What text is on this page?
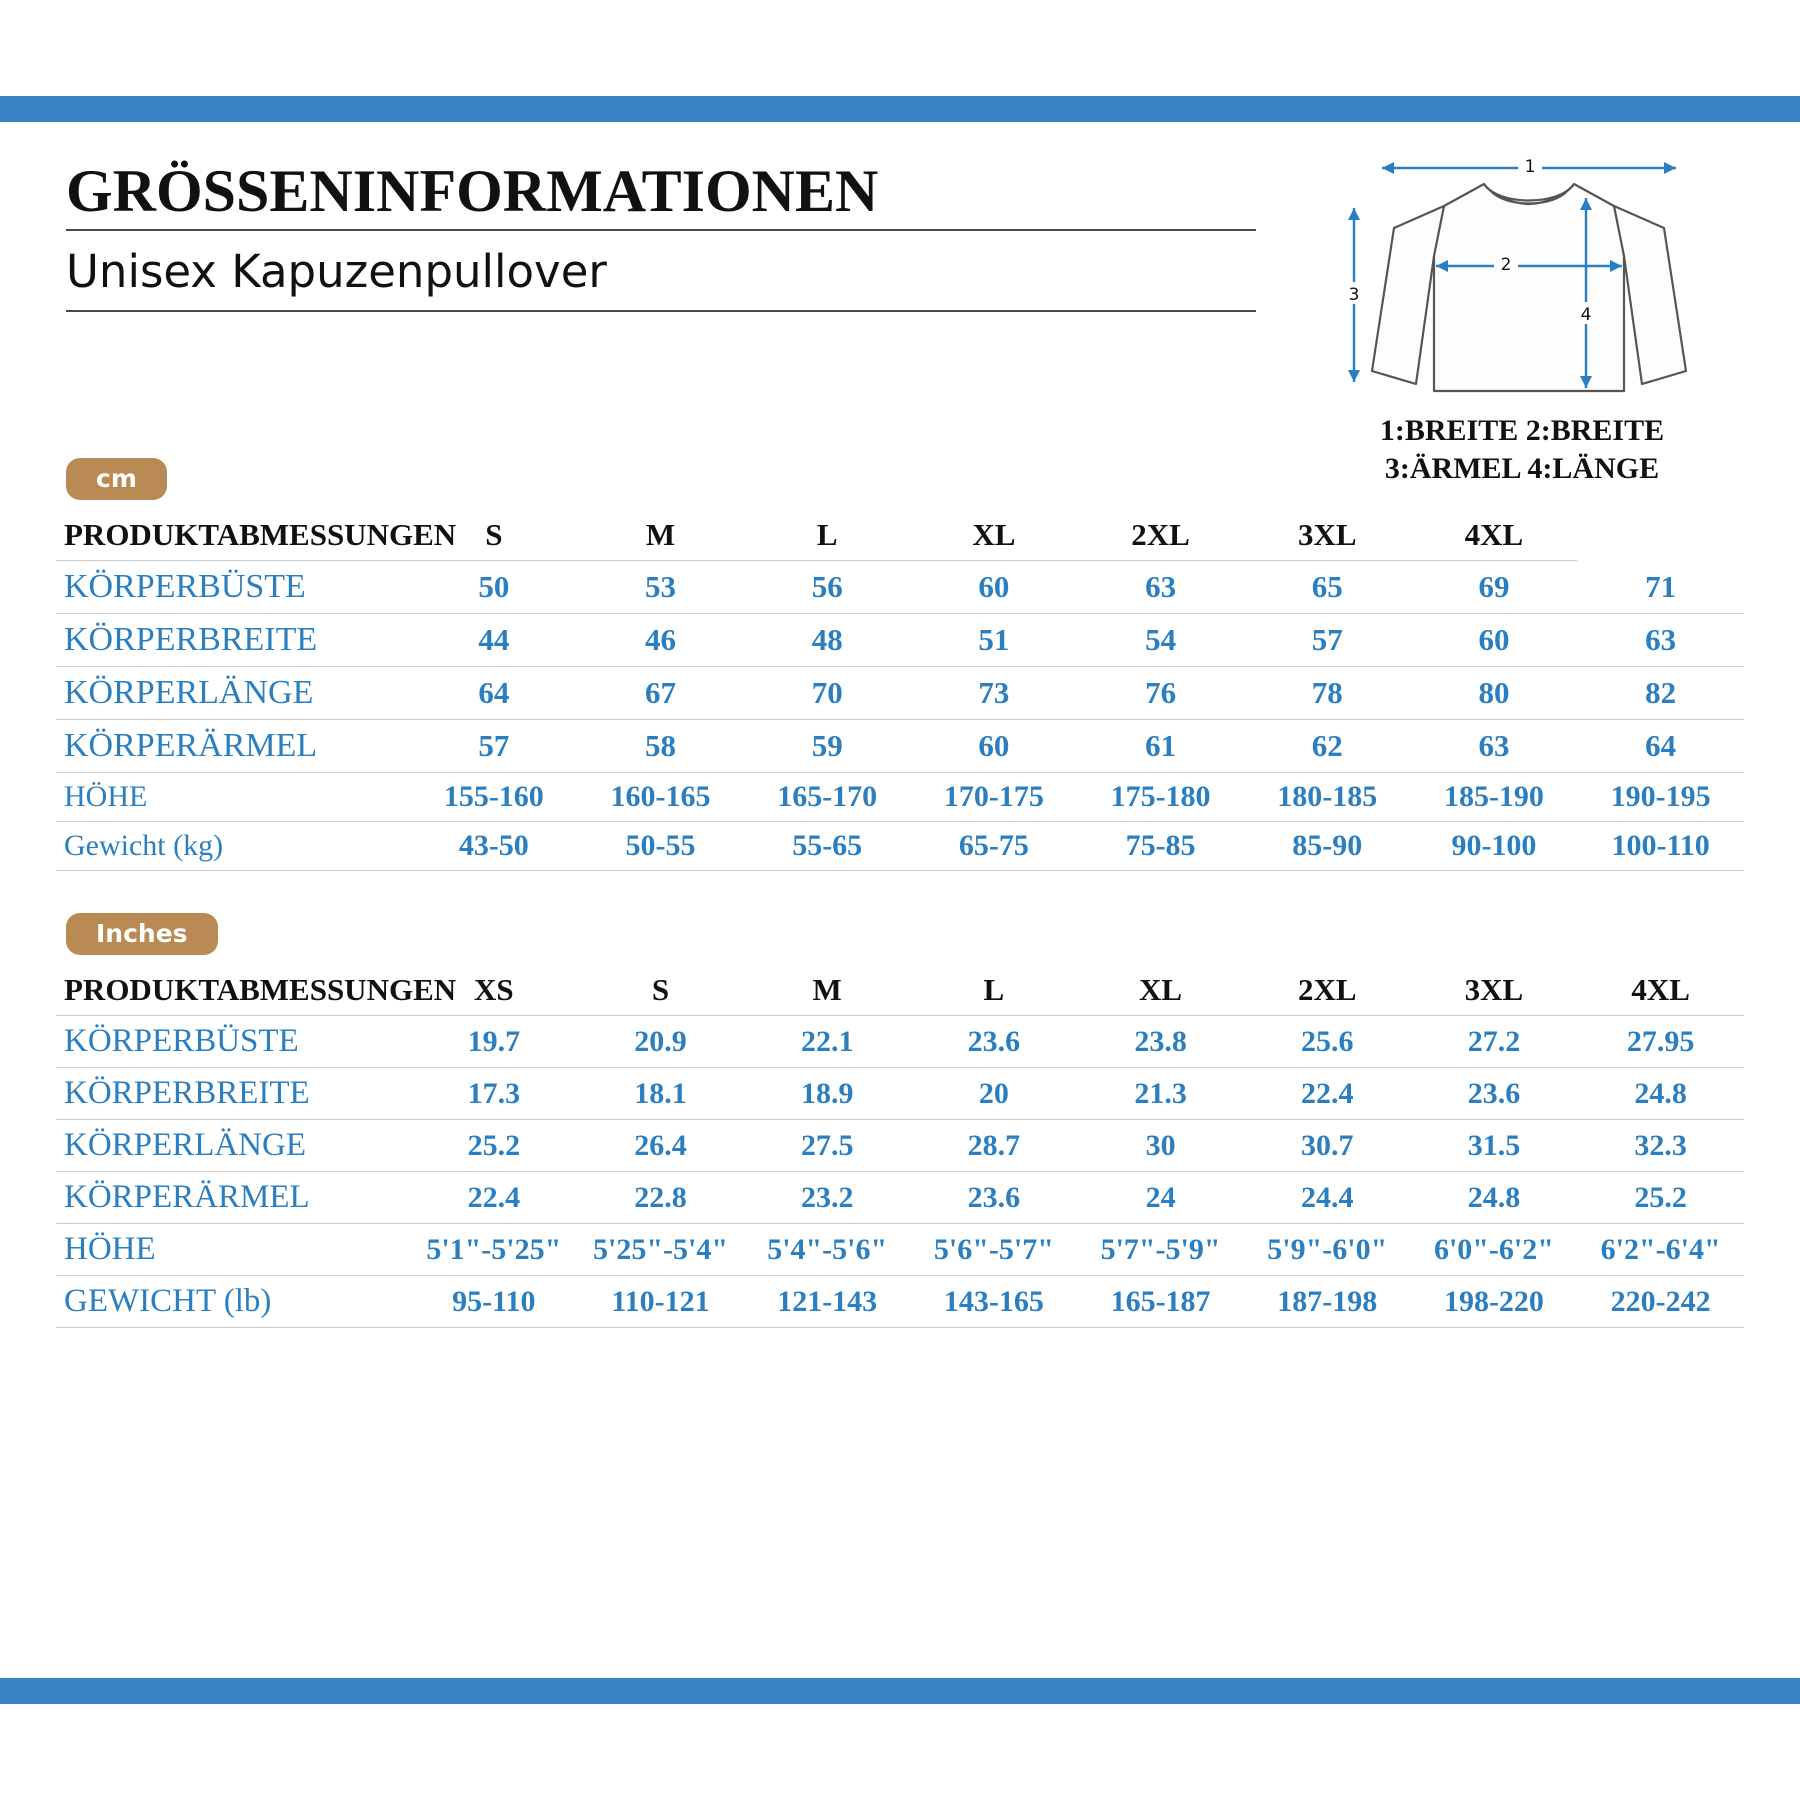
GRÖSSENINFORMATIONEN
Unisex Kapuzenpullover
1
2
3
4
1:BREITE 2:BREITE
3:ÄRMEL 4:LÄNGE
cm
PRODUKTABMESSUNGEN	S	M	L	XL	2XL	3XL	4XL	
KÖRPERBÜSTE	50	53	56	60	63	65	69	71
KÖRPERBREITE	44	46	48	51	54	57	60	63
KÖRPERLÄNGE	64	67	70	73	76	78	80	82
KÖRPERÄRMEL	57	58	59	60	61	62	63	64
HÖHE	155-160	160-165	165-170	170-175	175-180	180-185	185-190	190-195
Gewicht (kg)	43-50	50-55	55-65	65-75	75-85	85-90	90-100	100-110
Inches
PRODUKTABMESSUNGEN	XS	S	M	L	XL	2XL	3XL	4XL
KÖRPERBÜSTE	19.7	20.9	22.1	23.6	23.8	25.6	27.2	27.95
KÖRPERBREITE	17.3	18.1	18.9	20	21.3	22.4	23.6	24.8
KÖRPERLÄNGE	25.2	26.4	27.5	28.7	30	30.7	31.5	32.3
KÖRPERÄRMEL	22.4	22.8	23.2	23.6	24	24.4	24.8	25.2
HÖHE	5'1"-5'25"	5'25"-5'4"	5'4"-5'6"	5'6"-5'7"	5'7"-5'9"	5'9"-6'0"	6'0"-6'2"	6'2"-6'4"
GEWICHT (lb)	95-110	110-121	121-143	143-165	165-187	187-198	198-220	220-242
